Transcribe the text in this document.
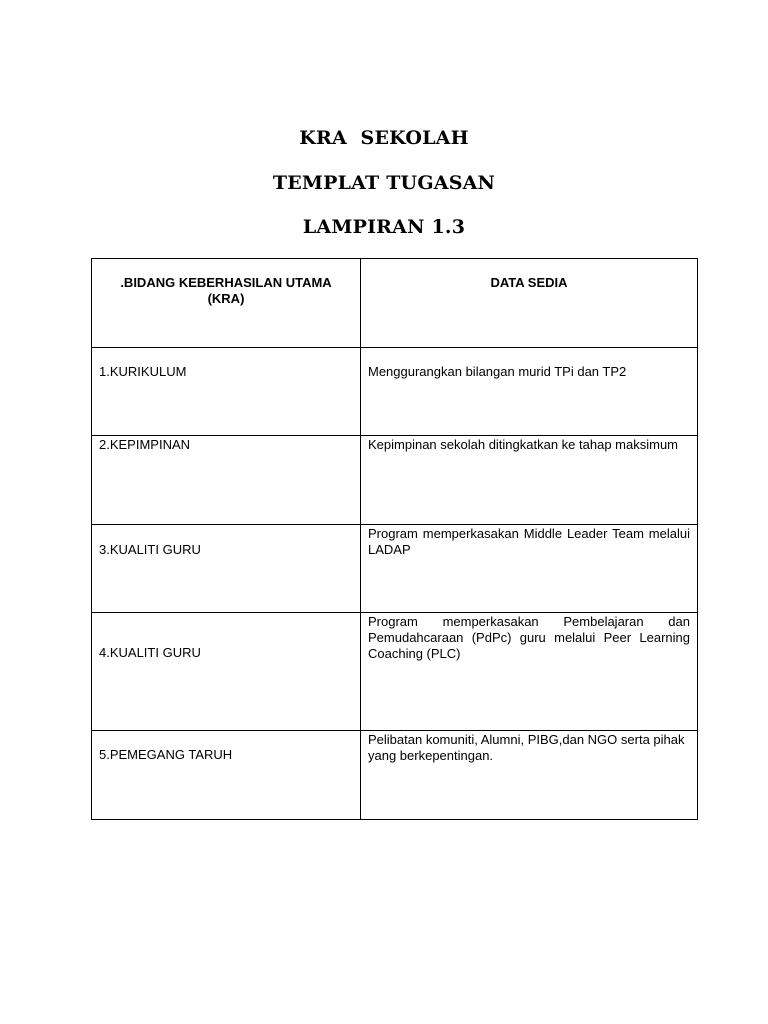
KRA  SEKOLAH
TEMPLAT TUGASAN
LAMPIRAN 1.3
.BIDANG KEBERHASILAN UTAMA (KRA)	DATA SEDIA
1.KURIKULUM	Menggurangkan bilangan murid TPi dan TP2
2.KEPIMPINAN	Kepimpinan sekolah ditingkatkan ke tahap maksimum
3.KUALITI GURU	Program memperkasakan Middle Leader Team melalui LADAP
4.KUALITI GURU	Program memperkasakan Pembelajaran dan Pemudahcaraan (PdPc) guru melalui Peer Learning Coaching (PLC)
5.PEMEGANG TARUH	Pelibatan komuniti, Alumni, PIBG,dan NGO serta pihak yang berkepentingan.
